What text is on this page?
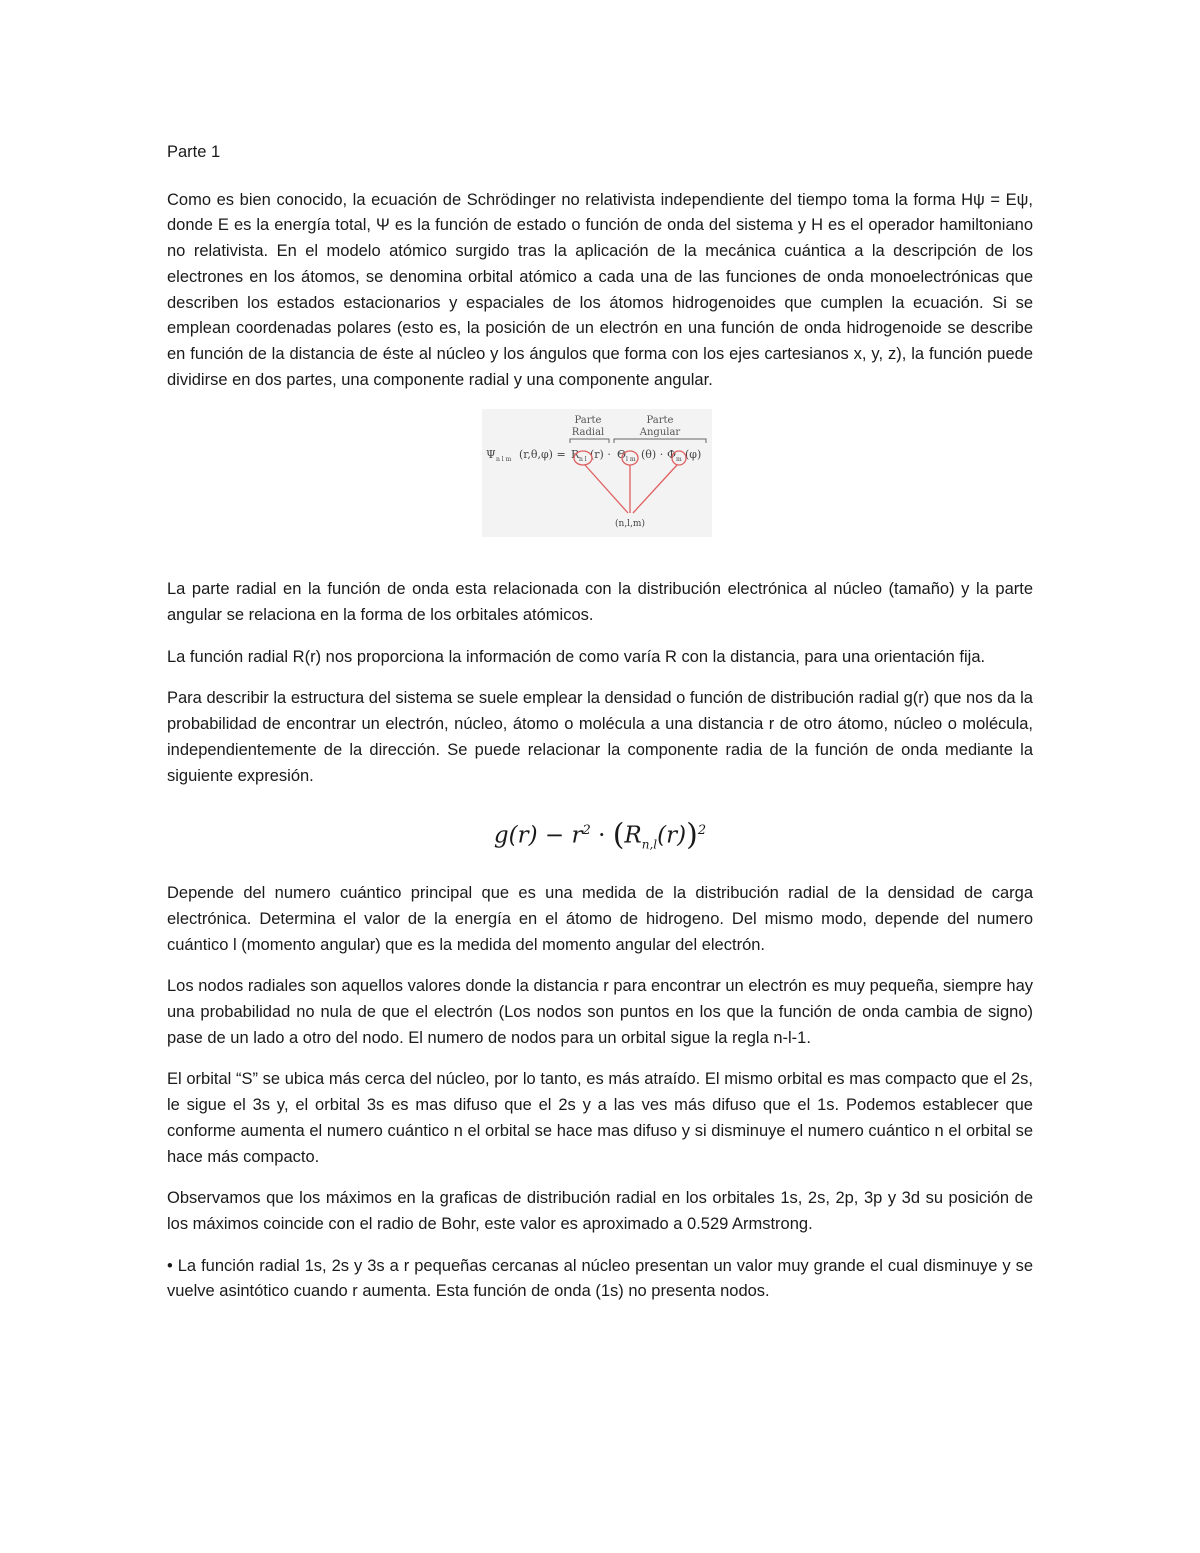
Parte 1

Como es bien conocido, la ecuación de Schrödinger no relativista independiente del tiempo toma la forma Hψ = Eψ, donde E es la energía total, Ψ es la función de estado o función de onda del sistema y H es el operador hamiltoniano no relativista. En el modelo atómico surgido tras la aplicación de la mecánica cuántica a la descripción de los electrones en los átomos, se denomina orbital atómico a cada una de las funciones de onda monoelectrónicas que describen los estados estacionarios y espaciales de los átomos hidrogenoides que cumplen la ecuación. Si se emplean coordenadas polares (esto es, la posición de un electrón en una función de onda hidrogenoide se describe en función de la distancia de éste al núcleo y los ángulos que forma con los ejes cartesianos x, y, z), la función puede dividirse en dos partes, una componente radial y una componente angular.

Parte
Radial
Parte
Angular
Ψ n l m (r,θ,φ) = R n l (r) · Θ l m (θ) · Φ m (φ)
(n,l,m)

La parte radial en la función de onda esta relacionada con la distribución electrónica al núcleo (tamaño) y la parte angular se relaciona en la forma de los orbitales atómicos.

La función radial R(r) nos proporciona la información de como varía R con la distancia, para una orientación fija.

Para describir la estructura del sistema se suele emplear la densidad o función de distribución radial g(r) que nos da la probabilidad de encontrar un electrón, núcleo, átomo o molécula a una distancia r de otro átomo, núcleo o molécula, independientemente de la dirección. Se puede relacionar la componente radia de la función de onda mediante la siguiente expresión.

$g(r) - r^2 \cdot (R_{n,l}(r))^2$

Depende del numero cuántico principal que es una medida de la distribución radial de la densidad de carga electrónica. Determina el valor de la energía en el átomo de hidrogeno. Del mismo modo, depende del numero cuántico l (momento angular) que es la medida del momento angular del electrón.

Los nodos radiales son aquellos valores donde la distancia r para encontrar un electrón es muy pequeña, siempre hay una probabilidad no nula de que el electrón (Los nodos son puntos en los que la función de onda cambia de signo) pase de un lado a otro del nodo. El numero de nodos para un orbital sigue la regla n-l-1.

El orbital “S” se ubica más cerca del núcleo, por lo tanto, es más atraído. El mismo orbital es mas compacto que el 2s, le sigue el 3s y, el orbital 3s es mas difuso que el 2s y a las ves más difuso que el 1s. Podemos establecer que conforme aumenta el numero cuántico n el orbital se hace mas difuso y si disminuye el numero cuántico n el orbital se hace más compacto.

Observamos que los máximos en la graficas de distribución radial en los orbitales 1s, 2s, 2p, 3p y 3d su posición de los máximos coincide con el radio de Bohr, este valor es aproximado a 0.529 Armstrong.

• La función radial 1s, 2s y 3s a r pequeñas cercanas al núcleo presentan un valor muy grande el cual disminuye y se vuelve asintótico cuando r aumenta. Esta función de onda (1s) no presenta nodos.
